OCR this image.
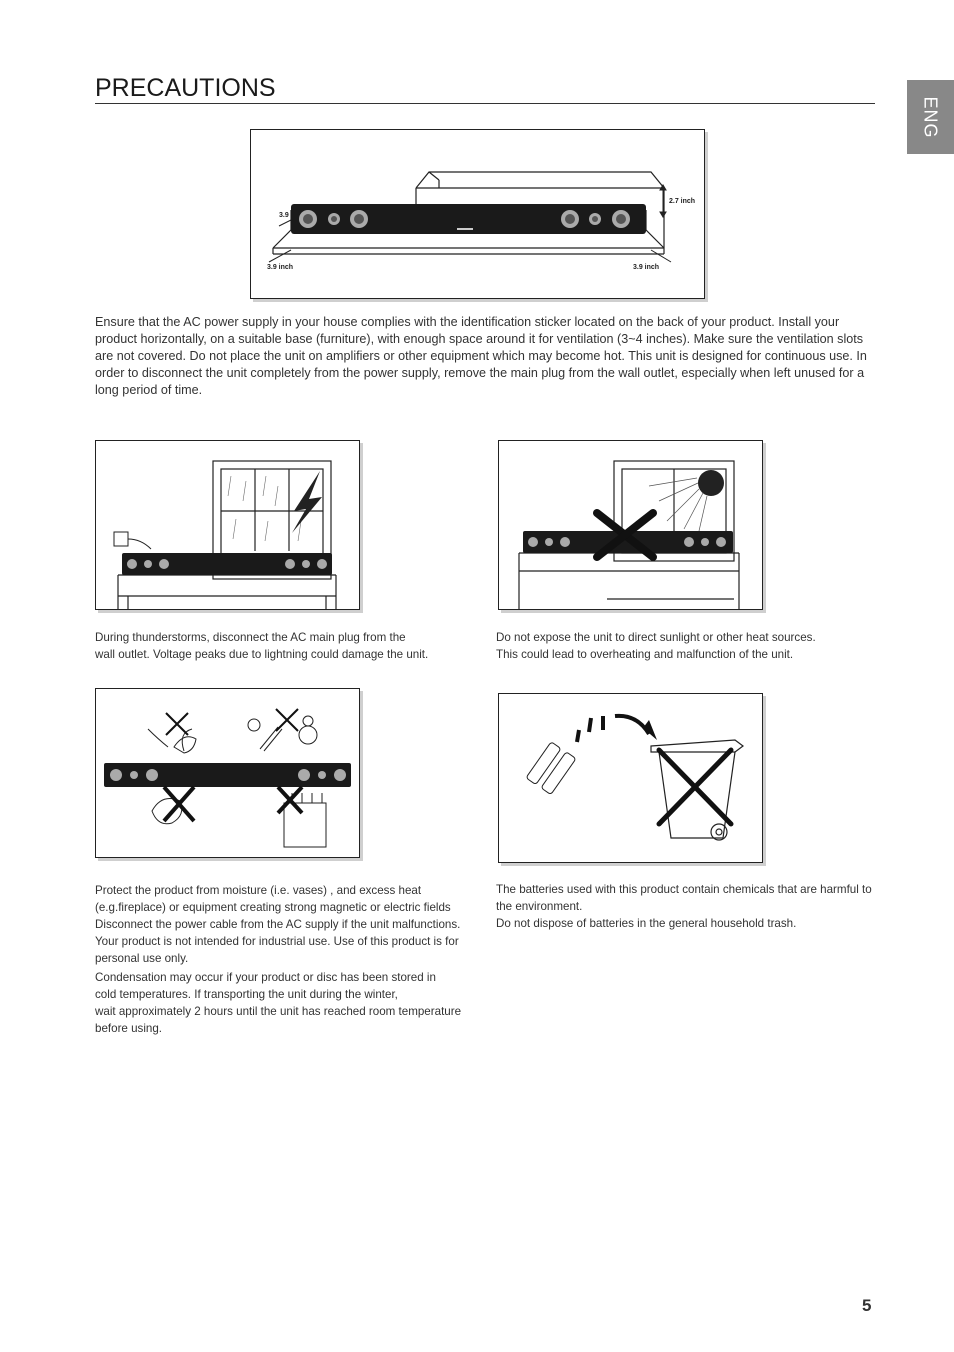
PRECAUTIONS
ENG
2.7 inch
3.9
3.9 inch	3.9 inch

Ensure that the AC power supply in your house complies with the identification sticker located on the back of your product. Install your product horizontally, on a suitable base (furniture), with enough space around it for ventilation (3~4 inches). Make sure the ventilation slots are not covered. Do not place the unit on amplifiers or other equipment which may become hot. This unit is designed for continuous use. In order to disconnect the unit completely from the power supply, remove the main plug from the wall outlet, especially when left unused for a long period of time.

During thunderstorms, disconnect the AC main plug from the

wall outlet. Voltage peaks due to lightning could damage the unit.

Do not expose the unit to direct sunlight or other heat sources.

This could lead to overheating and malfunction of the unit.

Protect the product from moisture (i.e. vases) , and excess heat

(e.g.fireplace) or equipment creating strong magnetic or electric fields

Disconnect the power cable from the AC supply if the unit malfunctions.

Your product is not intended for industrial use. Use of this product is for

personal use only.

Condensation may occur if your product or disc has been stored in

cold temperatures. If transporting the unit during the winter,

wait approximately 2 hours until the unit has reached room temperature

before using.

The batteries used with this product contain chemicals that are harmful to

the environment.

Do not dispose of batteries in the general household trash.

5
